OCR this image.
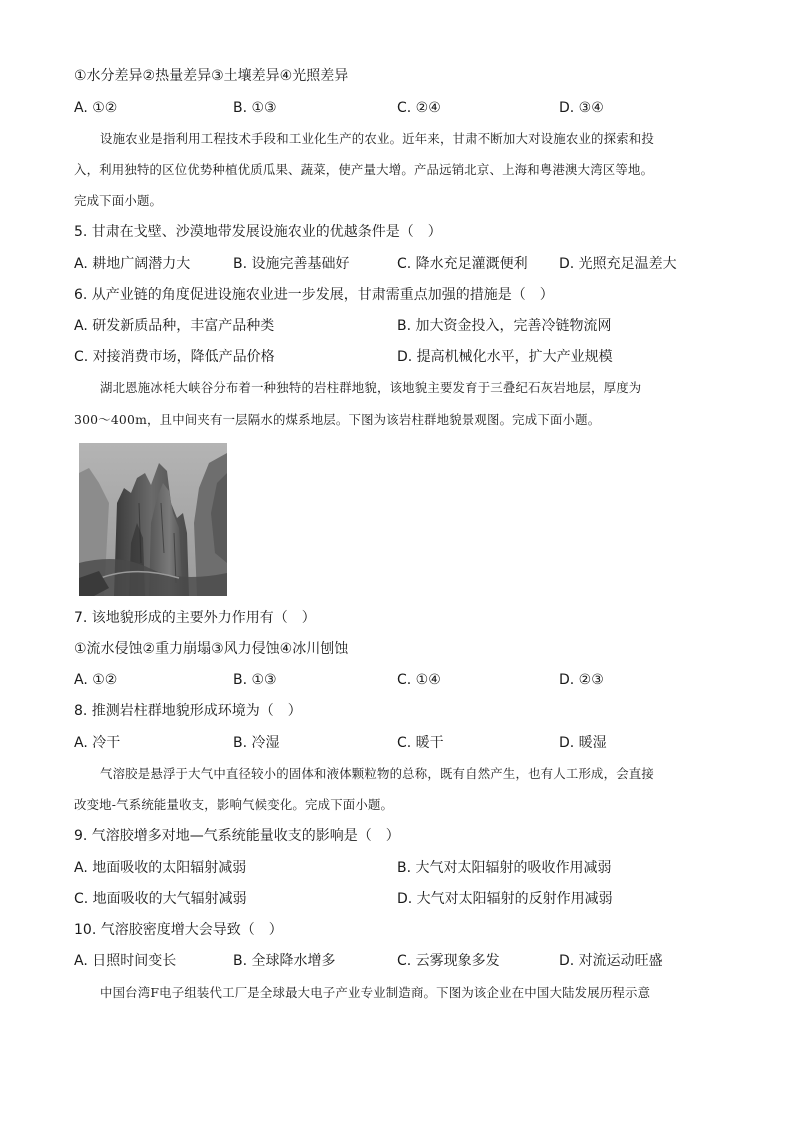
①水分差异②热量差异③土壤差异④光照差异
A. ①②	B. ①③	C. ②④	D. ③④
设施农业是指利用工程技术手段和工业化生产的农业。近年来，甘肃不断加大对设施农业的探索和投
入，利用独特的区位优势种植优质瓜果、蔬菜，使产量大增。产品远销北京、上海和粤港澳大湾区等地。
完成下面小题。
5. 甘肃在戈壁、沙漠地带发展设施农业的优越条件是（　）
A. 耕地广阔潜力大	B. 设施完善基础好	C. 降水充足灌溉便利 D. 光照充足温差大
6. 从产业链的角度促进设施农业进一步发展，甘肃需重点加强的措施是（　）
A. 研发新质品种，丰富产品种类	B. 加大资金投入，完善冷链物流网
C. 对接消费市场，降低产品价格	D. 提高机械化水平，扩大产业规模
湖北恩施冰枆大峡谷分布着一种独特的岩柱群地貌，该地貌主要发育于三叠纪石灰岩地层，厚度为
300～400m，且中间夹有一层隔水的煤系地层。下图为该岩柱群地貌景观图。完成下面小题。
7. 该地貌形成的主要外力作用有（　）
①流水侵蚀②重力崩塌③风力侵蚀④冰川刨蚀
A. ①②	B. ①③	C. ①④	D. ②③
8. 推测岩柱群地貌形成环境为（　）
A. 冷干	B. 冷湿	C. 暖干	D. 暖湿
气溶胶是悬浮于大气中直径较小的固体和液体颗粒物的总称，既有自然产生，也有人工形成，会直接
改变地-气系统能量收支，影响气候变化。完成下面小题。
9. 气溶胶增多对地—气系统能量收支的影响是（　）
A. 地面吸收的太阳辐射减弱	B. 大气对太阳辐射的吸收作用减弱
C. 地面吸收的大气辐射减弱	D. 大气对太阳辐射的反射作用减弱
10. 气溶胶密度增大会导致（　）
A. 日照时间变长	B. 全球降水增多	C. 云雾现象多发	D. 对流运动旺盛
中国台湾F电子组装代工厂是全球最大电子产业专业制造商。下图为该企业在中国大陆发展历程示意
